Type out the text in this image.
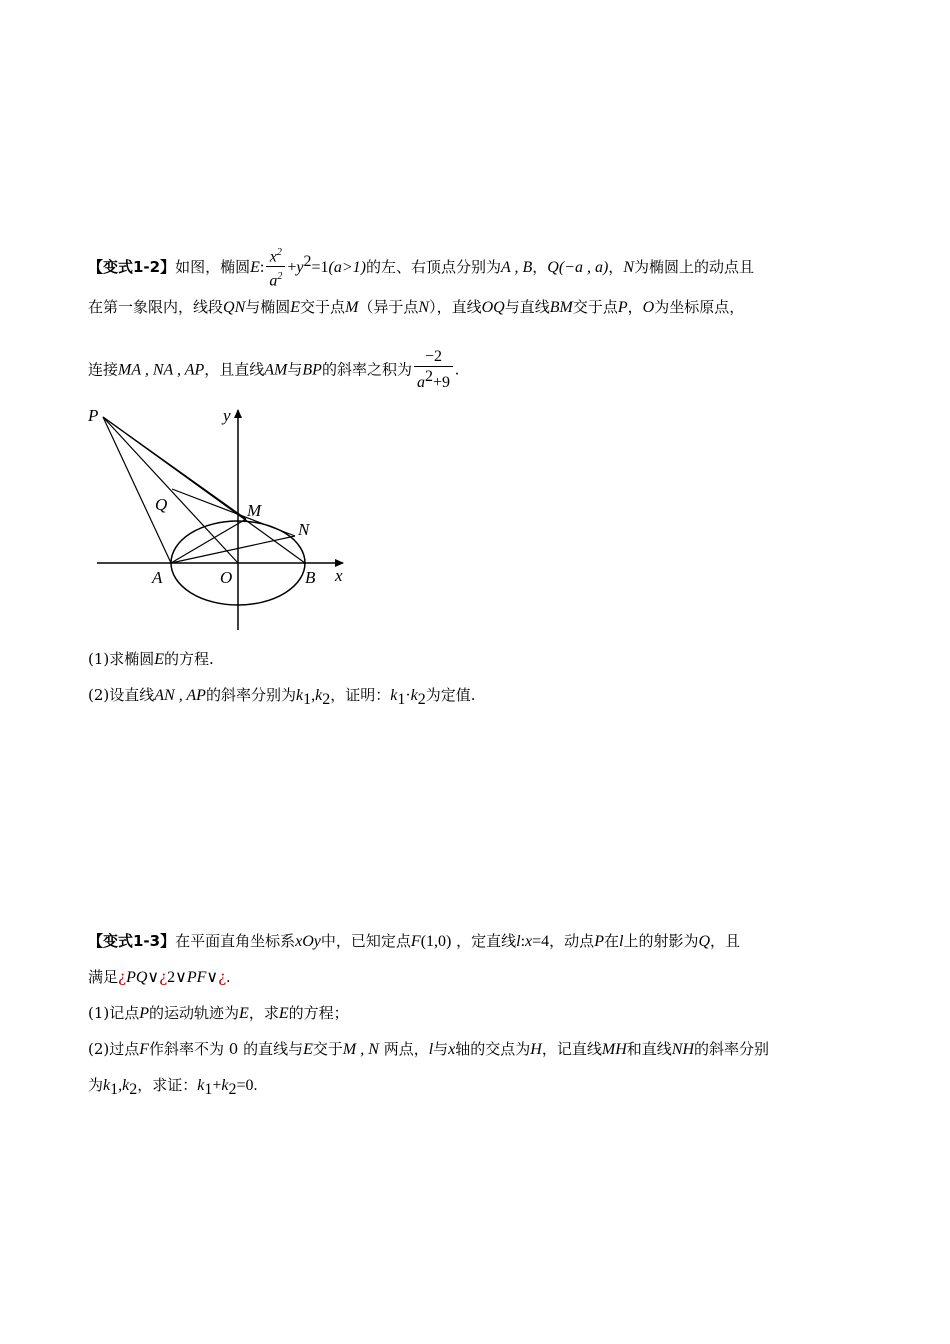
【变式1-2】如图，椭圆E: $\frac{x^2}{a^2} +y^2=1(a>1)$的左、右顶点分别为A , B，Q(−a , a)，N为椭圆上的动点且
在第一象限内，线段QN与椭圆E交于点M（异于点N），直线OQ与直线BM交于点P，O为坐标原点，
连接MA , NA , AP，且直线AM与BP的斜率之积为 $\frac{-2}{a^2+9}$ .
(1)求椭圆E的方程.
(2)设直线AN , AP的斜率分别为$k_1,k_2$，证明：$k_1\cdot k_2$为定值.
P	y
Q	M
N
A	O	B x
【变式1-3】在平面直角坐标系xOy中，已知定点F(1,0) ，定直线l:x=4，动点P在l上的射影为Q，且
满足¿PQ∨¿2∨PF∨¿.
(1)记点P的运动轨迹为E，求E的方程；
(2)过点F作斜率不为 0 的直线与E交于M , N 两点，l与x轴的交点为H，记直线MH和直线NH的斜率分别
为$k_1,k_2$，求证：$k_1+k_2=0$.
